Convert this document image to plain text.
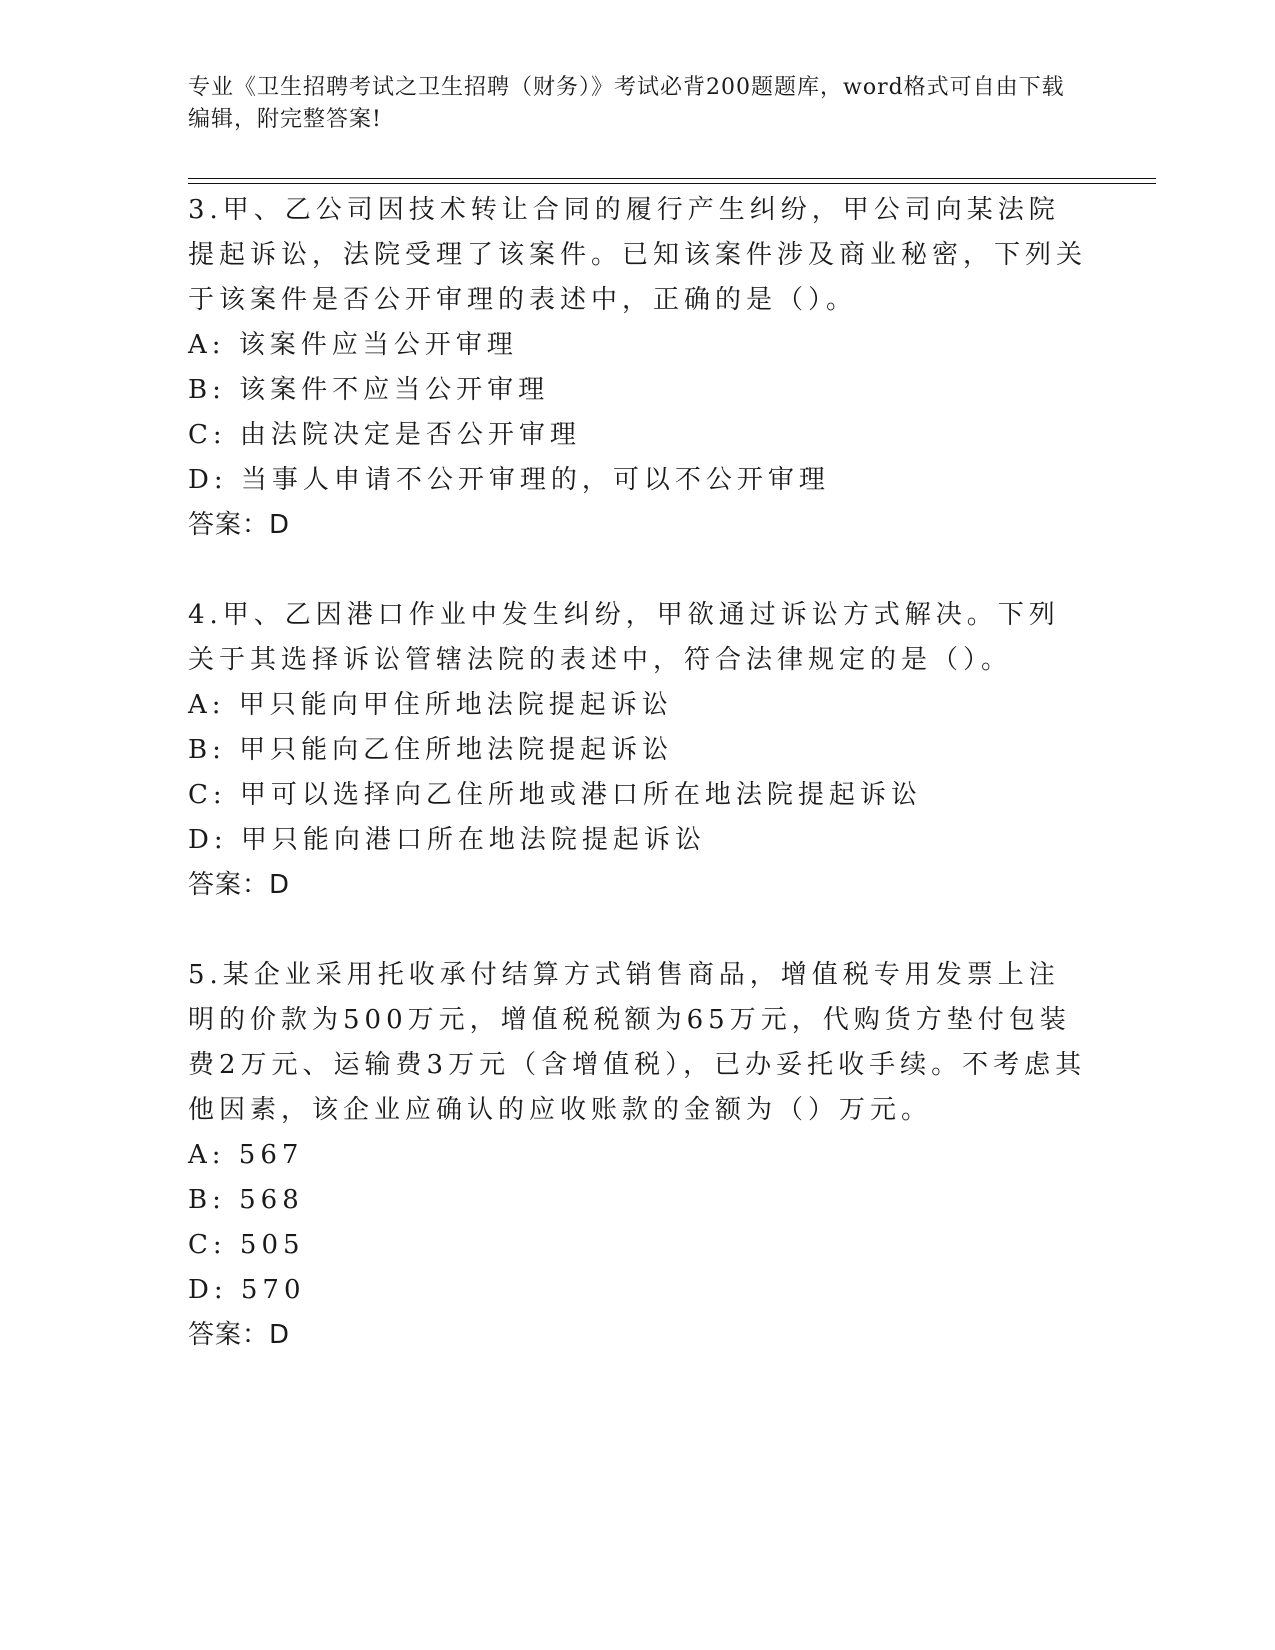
专业《卫生招聘考试之卫生招聘（财务）》考试必背200题题库，word格式可自由下载编辑，附完整答案!
3.甲、乙公司因技术转让合同的履行产生纠纷，甲公司向某法院提起诉讼，法院受理了该案件。已知该案件涉及商业秘密，下列关于该案件是否公开审理的表述中，正确的是（）。
A: 该案件应当公开审理
B: 该案件不应当公开审理
C: 由法院决定是否公开审理
D: 当事人申请不公开审理的，可以不公开审理
答案：D
4.甲、乙因港口作业中发生纠纷，甲欲通过诉讼方式解决。下列关于其选择诉讼管辖法院的表述中，符合法律规定的是（）。
A: 甲只能向甲住所地法院提起诉讼
B: 甲只能向乙住所地法院提起诉讼
C: 甲可以选择向乙住所地或港口所在地法院提起诉讼
D: 甲只能向港口所在地法院提起诉讼
答案：D
5.某企业采用托收承付结算方式销售商品，增值税专用发票上注明的价款为500万元，增值税税额为65万元，代购货方垫付包装费2万元、运输费3万元（含增值税），已办妥托收手续。不考虑其他因素，该企业应确认的应收账款的金额为（）万元。
A: 567
B: 568
C: 505
D: 570
答案：D
